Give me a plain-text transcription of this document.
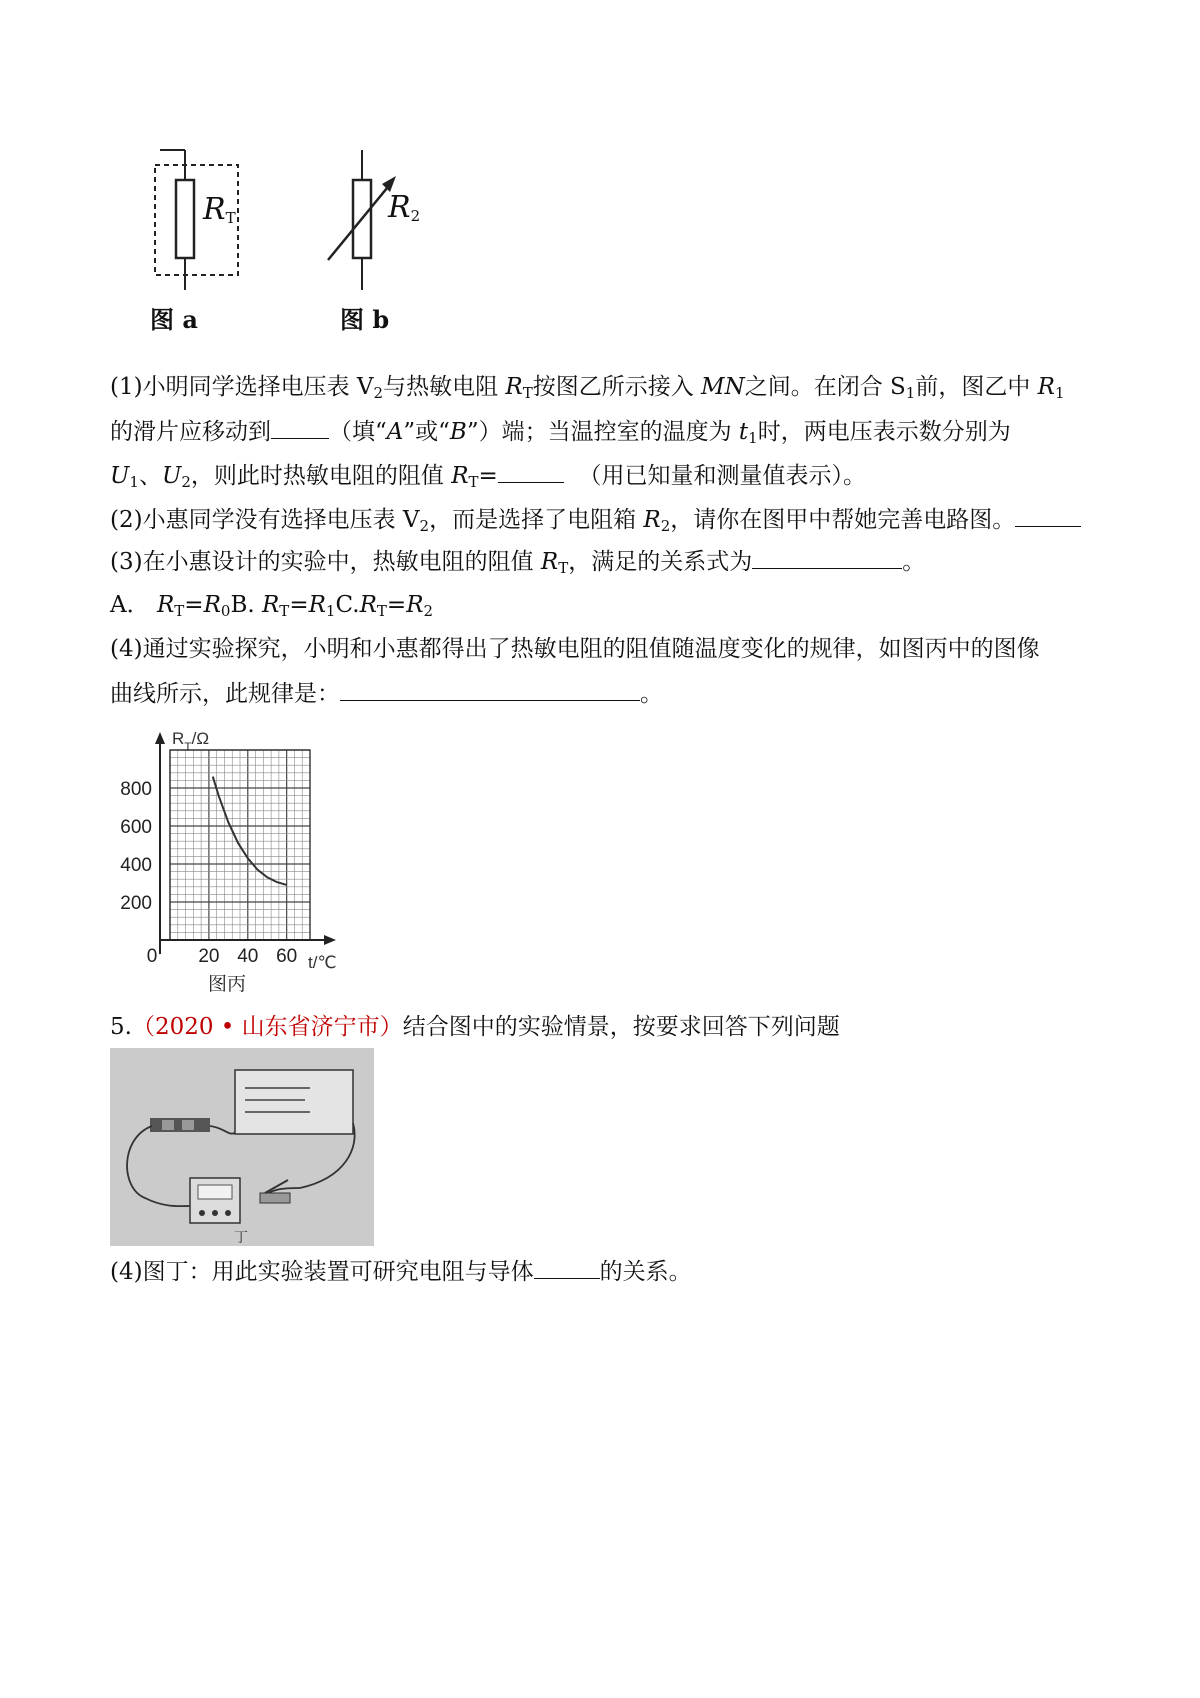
$R_T$
图 a
$R_2$
图 b
(1)小明同学选择电压表 $V_2$与热敏电阻 $R_T$按图乙所示接入 MN之间。在闭合 $S_1$前，图乙中 $R_1$
的滑片应移动到	（填“A”或“B”）端；当温控室的温度为 $t_1$时，两电压表示数分别为
$U_1$、$U_2$，则此时热敏电阻的阻值 $R_T=$	（用已知量和测量值表示）。
(2)小惠同学没有选择电压表 $V_2$，而是选择了电阻箱 $R_2$，请你在图甲中帮她完善电路图。
(3)在小惠设计的实验中，热敏电阻的阻值 $R_T$，满足的关系式为	。
A． $R_T=R_0B$. $R_T=R_1C.R_T=R_2$
(4)通过实验探究，小明和小惠都得出了热敏电阻的阻值随温度变化的规律，如图丙中的图像
曲线所示，此规律是：	。
0 20 40 60
200
400
600
800
$R_T/\Omega$
t/℃
图丙
5.（2020 • 山东省济宁市）结合图中的实验情景，按要求回答下列问题
丁
(4)图丁：用此实验装置可研究电阻与导体	的关系。
